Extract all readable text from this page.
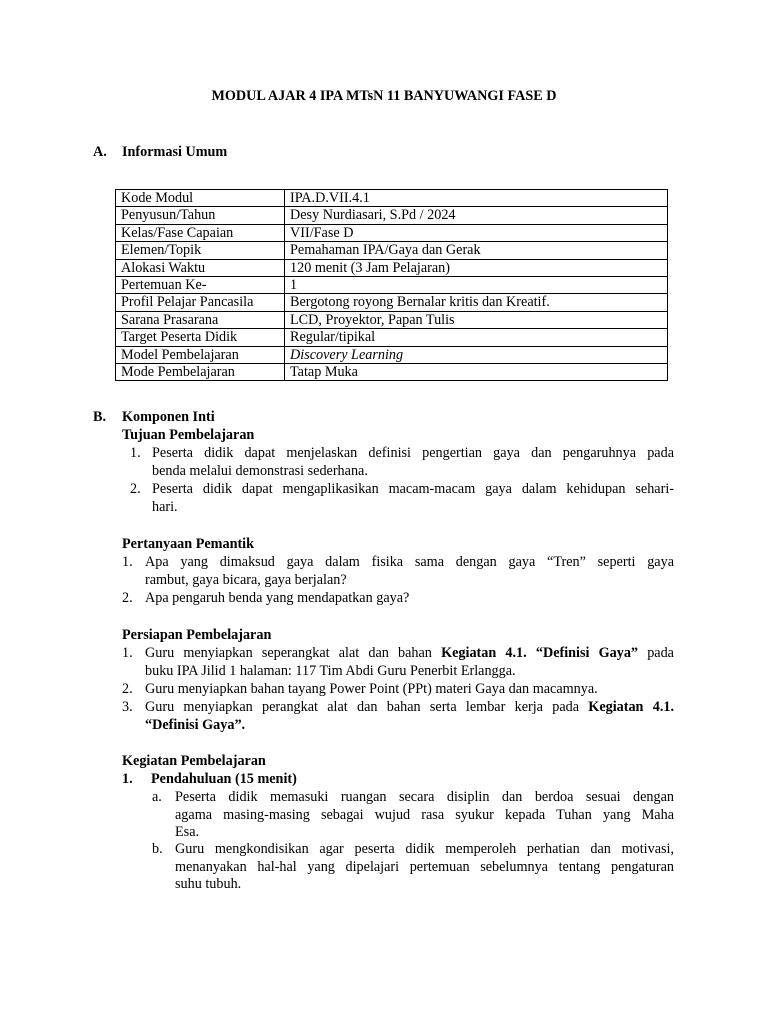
MODUL AJAR 4 IPA MTsN 11 BANYUWANGI FASE D
A. Informasi Umum
Kode Modul	IPA.D.VII.4.1
Penyusun/Tahun	Desy Nurdiasari, S.Pd / 2024
Kelas/Fase Capaian	VII/Fase D
Elemen/Topik	Pemahaman IPA/Gaya dan Gerak
Alokasi Waktu	120 menit (3 Jam Pelajaran)
Pertemuan Ke-	1
Profil Pelajar Pancasila	Bergotong royong Bernalar kritis dan Kreatif.
Sarana Prasarana	LCD, Proyektor, Papan Tulis
Target Peserta Didik	Regular/tipikal
Model Pembelajaran	Discovery Learning
Mode Pembelajaran	Tatap Muka
B. Komponen Inti
Tujuan Pembelajaran
1. Peserta didik dapat menjelaskan definisi pengertian gaya dan pengaruhnya pada
benda melalui demonstrasi sederhana.
2. Peserta didik dapat mengaplikasikan macam-macam gaya dalam kehidupan sehari-
hari.
Pertanyaan Pemantik
1. Apa yang dimaksud gaya dalam fisika sama dengan gaya “Tren” seperti gaya
rambut, gaya bicara, gaya berjalan?
2. Apa pengaruh benda yang mendapatkan gaya?
Persiapan Pembelajaran
1. Guru menyiapkan seperangkat alat dan bahan Kegiatan 4.1. “Definisi Gaya” pada
buku IPA Jilid 1 halaman: 117 Tim Abdi Guru Penerbit Erlangga.
2. Guru menyiapkan bahan tayang Power Point (PPt) materi Gaya dan macamnya.
3. Guru menyiapkan perangkat alat dan bahan serta lembar kerja pada Kegiatan 4.1.
“Definisi Gaya”.
Kegiatan Pembelajaran
1. Pendahuluan (15 menit)
a. Peserta didik memasuki ruangan secara disiplin dan berdoa sesuai dengan
agama masing-masing sebagai wujud rasa syukur kepada Tuhan yang Maha
Esa.
b. Guru mengkondisikan agar peserta didik memperoleh perhatian dan motivasi,
menanyakan hal-hal yang dipelajari pertemuan sebelumnya tentang pengaturan
suhu tubuh.
